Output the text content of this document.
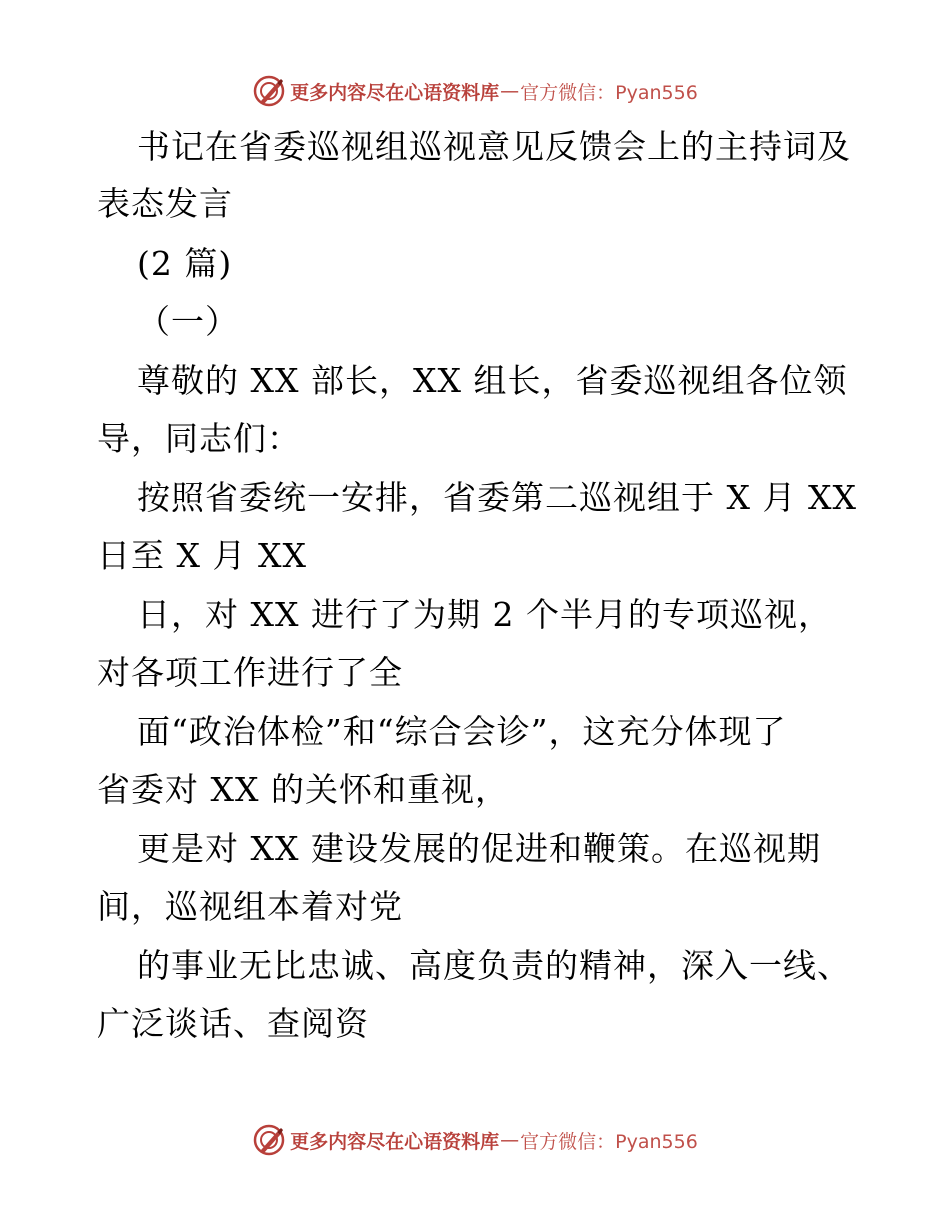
更多内容尽在心语资料库 — 官方微信：Pyan556
书记在省委巡视组巡视意见反馈会上的主持词及
表态发言
(2 篇)
（一）
尊敬的 XX 部长，XX 组长，省委巡视组各位领
导，同志们：
按照省委统一安排，省委第二巡视组于 X 月 XX
日至 X 月 XX
日，对 XX 进行了为期 2 个半月的专项巡视，
对各项工作进行了全
面“政治体检”和“综合会诊”，这充分体现了
省委对 XX 的关怀和重视，
更是对 XX 建设发展的促进和鞭策。在巡视期
间，巡视组本着对党
的事业无比忠诚、高度负责的精神，深入一线、
广泛谈话、查阅资
更多内容尽在心语资料库 — 官方微信：Pyan556
